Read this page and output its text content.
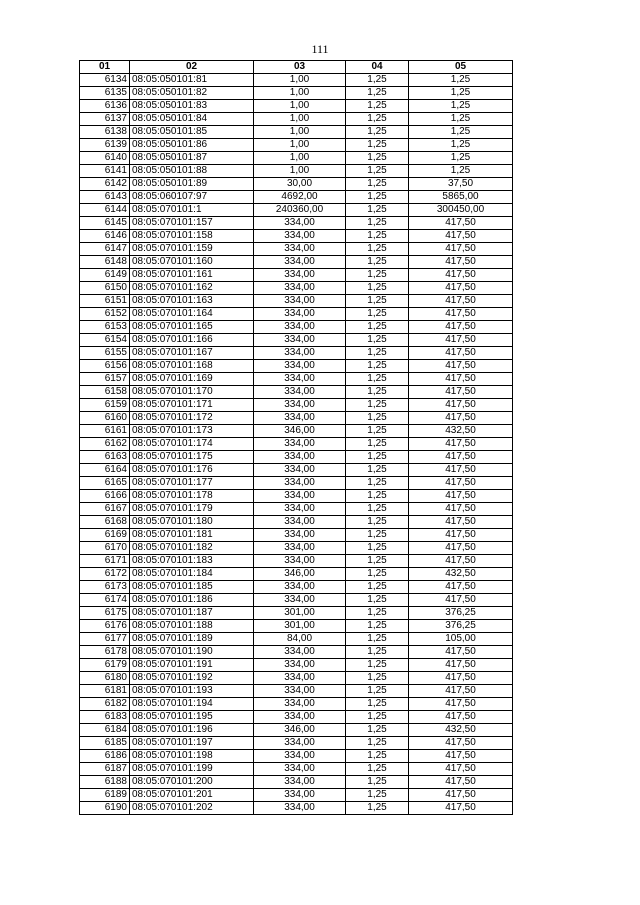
111
01	02	03	04	05
6134	08:05:050101:81	1,00	1,25	1,25
6135	08:05:050101:82	1,00	1,25	1,25
6136	08:05:050101:83	1,00	1,25	1,25
6137	08:05:050101:84	1,00	1,25	1,25
6138	08:05:050101:85	1,00	1,25	1,25
6139	08:05:050101:86	1,00	1,25	1,25
6140	08:05:050101:87	1,00	1,25	1,25
6141	08:05:050101:88	1,00	1,25	1,25
6142	08:05:050101:89	30,00	1,25	37,50
6143	08:05:060107:97	4692,00	1,25	5865,00
6144	08:05:070101:1	240360,00	1,25	300450,00
6145	08:05:070101:157	334,00	1,25	417,50
6146	08:05:070101:158	334,00	1,25	417,50
6147	08:05:070101:159	334,00	1,25	417,50
6148	08:05:070101:160	334,00	1,25	417,50
6149	08:05:070101:161	334,00	1,25	417,50
6150	08:05:070101:162	334,00	1,25	417,50
6151	08:05:070101:163	334,00	1,25	417,50
6152	08:05:070101:164	334,00	1,25	417,50
6153	08:05:070101:165	334,00	1,25	417,50
6154	08:05:070101:166	334,00	1,25	417,50
6155	08:05:070101:167	334,00	1,25	417,50
6156	08:05:070101:168	334,00	1,25	417,50
6157	08:05:070101:169	334,00	1,25	417,50
6158	08:05:070101:170	334,00	1,25	417,50
6159	08:05:070101:171	334,00	1,25	417,50
6160	08:05:070101:172	334,00	1,25	417,50
6161	08:05:070101:173	346,00	1,25	432,50
6162	08:05:070101:174	334,00	1,25	417,50
6163	08:05:070101:175	334,00	1,25	417,50
6164	08:05:070101:176	334,00	1,25	417,50
6165	08:05:070101:177	334,00	1,25	417,50
6166	08:05:070101:178	334,00	1,25	417,50
6167	08:05:070101:179	334,00	1,25	417,50
6168	08:05:070101:180	334,00	1,25	417,50
6169	08:05:070101:181	334,00	1,25	417,50
6170	08:05:070101:182	334,00	1,25	417,50
6171	08:05:070101:183	334,00	1,25	417,50
6172	08:05:070101:184	346,00	1,25	432,50
6173	08:05:070101:185	334,00	1,25	417,50
6174	08:05:070101:186	334,00	1,25	417,50
6175	08:05:070101:187	301,00	1,25	376,25
6176	08:05:070101:188	301,00	1,25	376,25
6177	08:05:070101:189	84,00	1,25	105,00
6178	08:05:070101:190	334,00	1,25	417,50
6179	08:05:070101:191	334,00	1,25	417,50
6180	08:05:070101:192	334,00	1,25	417,50
6181	08:05:070101:193	334,00	1,25	417,50
6182	08:05:070101:194	334,00	1,25	417,50
6183	08:05:070101:195	334,00	1,25	417,50
6184	08:05:070101:196	346,00	1,25	432,50
6185	08:05:070101:197	334,00	1,25	417,50
6186	08:05:070101:198	334,00	1,25	417,50
6187	08:05:070101:199	334,00	1,25	417,50
6188	08:05:070101:200	334,00	1,25	417,50
6189	08:05:070101:201	334,00	1,25	417,50
6190	08:05:070101:202	334,00	1,25	417,50
